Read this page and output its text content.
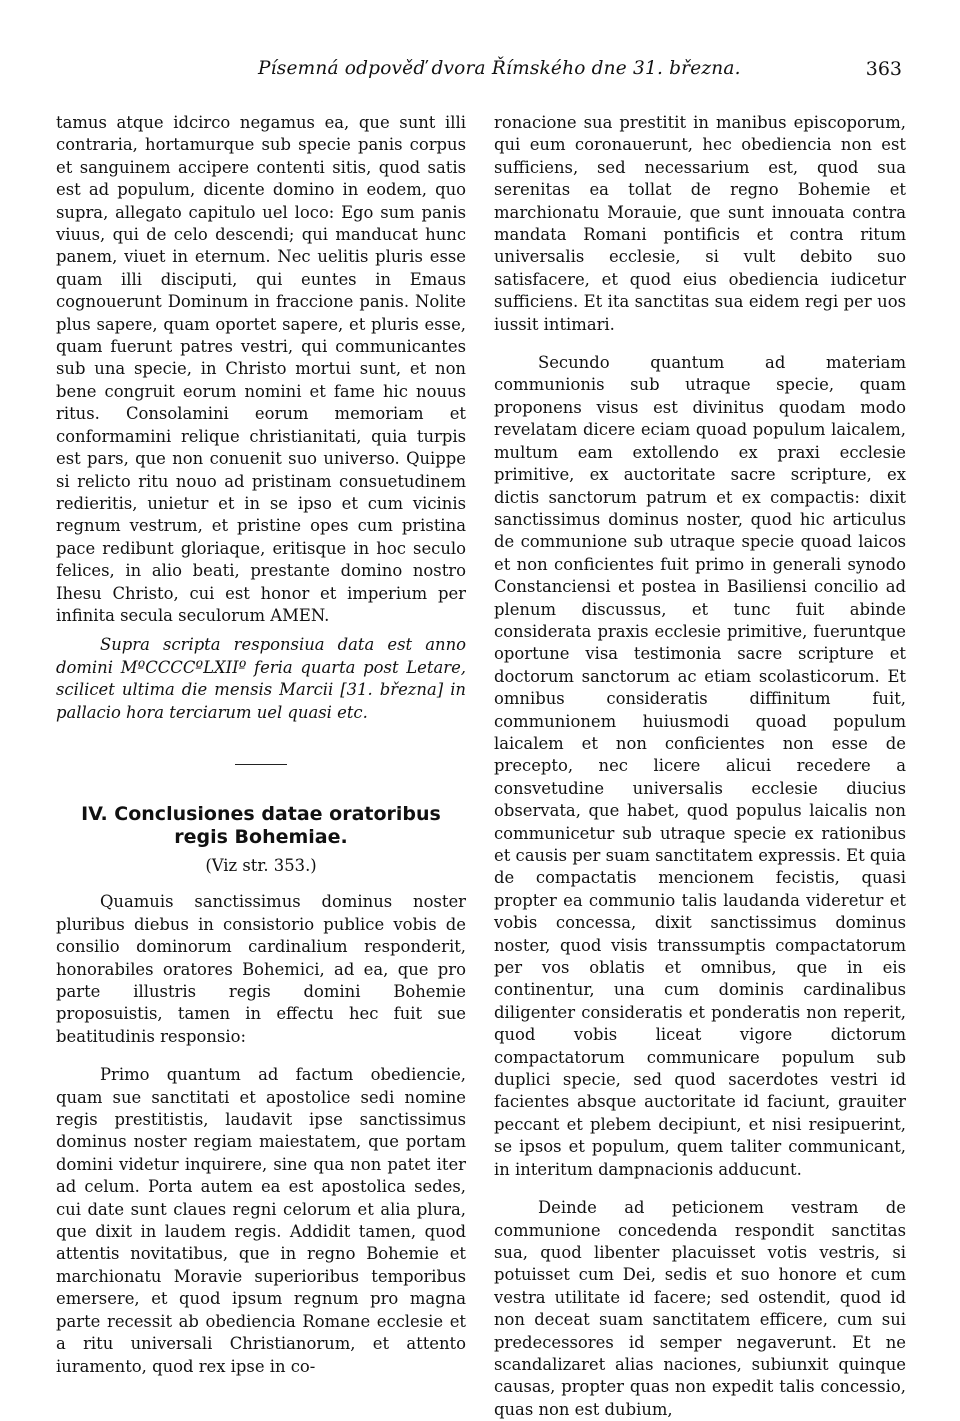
Písemná odpověď dvora Římského dne 31. března.	363

tamus atque idcirco negamus ea, que sunt illi contraria, hortamurque sub specie panis corpus et sanguinem accipere contenti sitis, quod satis est ad populum, dicente domino in eodem, quo supra, allegato capitulo uel loco: Ego sum panis viuus, qui de celo descendi; qui manducat hunc panem, viuet in eternum. Nec uelitis pluris esse quam illi disciputi, qui euntes in Emaus cognouerunt Dominum in fraccione panis. Nolite plus sapere, quam oportet sapere, et pluris esse, quam fuerunt patres vestri, qui communicantes sub una specie, in Christo mortui sunt, et non bene congruit eorum nomini et fame hic nouus ritus. Consolamini eorum memoriam et conformamini relique christianitati, quia turpis est pars, que non conuenit suo universo. Quippe si relicto ritu nouo ad pristinam consuetudinem redieritis, unietur et in se ipso et cum vicinis regnum vestrum, et pristine opes cum pristina pace redibunt gloriaque, eritisque in hoc seculo felices, in alio beati, prestante domino nostro Ihesu Christo, cui est honor et imperium per infinita secula seculorum AMEN.

Supra scripta responsiua data est anno domini MºCCCCºLXIIº feria quarta post Letare, scilicet ultima die mensis Marcii [31. března] in pallacio hora terciarum uel quasi etc.

IV. Conclusiones datae oratoribus regis Bohemiae.

(Viz str. 353.)

Quamuis sanctissimus dominus noster pluribus diebus in consistorio publice vobis de consilio dominorum cardinalium responderit, honorabiles oratores Bohemici, ad ea, que pro parte illustris regis domini Bohemie proposuistis, tamen in effectu hec fuit sue beatitudinis responsio:

Primo quantum ad factum obediencie, quam sue sanctitati et apostolice sedi nomine regis prestitistis, laudavit ipse sanctissimus dominus noster regiam maiestatem, que portam domini videtur inquirere, sine qua non patet iter ad celum. Porta autem ea est apostolica sedes, cui date sunt claues regni celorum et alia plura, que dixit in laudem regis. Addidit tamen, quod attentis novitatibus, que in regno Bohemie et marchionatu Moravie superioribus temporibus emersere, et quod ipsum regnum pro magna parte recessit ab obediencia Romane ecclesie et a ritu universali Christianorum, et attento iuramento, quod rex ipse in co-

ronacione sua prestitit in manibus episcoporum, qui eum coronauerunt, hec obediencia non est sufficiens, sed necessarium est, quod sua serenitas ea tollat de regno Bohemie et marchionatu Morauie, que sunt innouata contra mandata Romani pontificis et contra ritum universalis ecclesie, si vult debito suo satisfacere, et quod eius obediencia iudicetur sufficiens. Et ita sanctitas sua eidem regi per uos iussit intimari.

Secundo quantum ad materiam communionis sub utraque specie, quam proponens visus est divinitus quodam modo revelatam dicere eciam quoad populum laicalem, multum eam extollendo ex praxi ecclesie primitive, ex auctoritate sacre scripture, ex dictis sanctorum patrum et ex compactis: dixit sanctissimus dominus noster, quod hic articulus de communione sub utraque specie quoad laicos et non conficientes fuit primo in generali synodo Constanciensi et postea in Basiliensi concilio ad plenum discussus, et tunc fuit abinde considerata praxis ecclesie primitive, fueruntque oportune visa testimonia sacre scripture et doctorum sanctorum ac etiam scolasticorum. Et omnibus consideratis diffinitum fuit, communionem huiusmodi quoad populum laicalem et non conficientes non esse de precepto, nec licere alicui recedere a consvetudine universalis ecclesie diucius observata, que habet, quod populus laicalis non communicetur sub utraque specie ex rationibus et causis per suam sanctitatem expressis. Et quia de compactatis mencionem fecistis, quasi propter ea communio talis laudanda videretur et vobis concessa, dixit sanctissimus dominus noster, quod visis transsumptis compactatorum per vos oblatis et omnibus, que in eis continentur, una cum dominis cardinalibus diligenter consideratis et ponderatis non reperit, quod vobis liceat vigore dictorum compactatorum communicare populum sub duplici specie, sed quod sacerdotes vestri id facientes absque auctoritate id faciunt, grauiter peccant et plebem decipiunt, et nisi resipuerint, se ipsos et populum, quem taliter communicant, in interitum dampnacionis adducunt.

Deinde ad peticionem vestram de communione concedenda respondit sanctitas sua, quod libenter placuisset votis vestris, si potuisset cum Dei, sedis et suo honore et cum vestra utilitate id facere; sed ostendit, quod id non deceat suam sanctitatem efficere, cum sui predecessores id semper negaverunt. Et ne scandalizaret alias naciones, subiunxit quinque causas, propter quas non expedit talis concessio, quas non est dubium,
